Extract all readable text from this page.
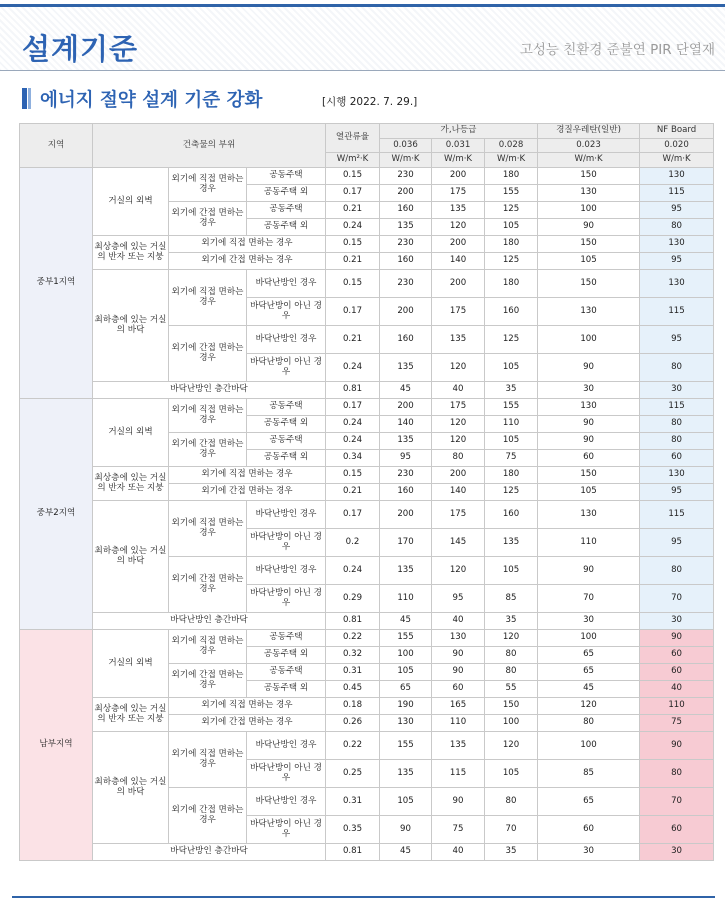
설계기준	고성능 친환경 준불연 PIR 단열재
에너지 절약 설계 기준 강화	[시행 2022. 7. 29.]
지역	건축물의 부위			열관류율	가,나등급			경질우레탄(일반)	NF Board
					0.036	0.031	0.028	0.023	0.020
				W/m²·K	W/m·K	W/m·K	W/m·K	W/m·K	W/m·K
중부1지역	거실의 외벽	외기에 직접 면하는 경우	공동주택	0.15	230	200	180	150	130
			공동주택 외	0.17	200	175	155	130	115
		외기에 간접 면하는 경우	공동주택	0.21	160	135	125	100	95
			공동주택 외	0.24	135	120	105	90	80
	최상층에 있는 거실의 반자 또는 지붕	외기에 직접 면하는 경우		0.15	230	200	180	150	130
		외기에 간접 면하는 경우		0.21	160	140	125	105	95
	최하층에 있는 거실의 바닥	외기에 직접 면하는 경우	바닥난방인 경우	0.15	230	200	180	150	130
			바닥난방이 아닌 경우	0.17	200	175	160	130	115
		외기에 간접 면하는 경우	바닥난방인 경우	0.21	160	135	125	100	95
			바닥난방이 아닌 경우	0.24	135	120	105	90	80
	바닥난방인 층간바닥			0.81	45	40	35	30	30
중부2지역	거실의 외벽	외기에 직접 면하는 경우	공동주택	0.17	200	175	155	130	115
			공동주택 외	0.24	140	120	110	90	80
		외기에 간접 면하는 경우	공동주택	0.24	135	120	105	90	80
			공동주택 외	0.34	95	80	75	60	60
	최상층에 있는 거실의 반자 또는 지붕	외기에 직접 면하는 경우		0.15	230	200	180	150	130
		외기에 간접 면하는 경우		0.21	160	140	125	105	95
	최하층에 있는 거실의 바닥	외기에 직접 면하는 경우	바닥난방인 경우	0.17	200	175	160	130	115
			바닥난방이 아닌 경우	0.2	170	145	135	110	95
		외기에 간접 면하는 경우	바닥난방인 경우	0.24	135	120	105	90	80
			바닥난방이 아닌 경우	0.29	110	95	85	70	70
	바닥난방인 층간바닥			0.81	45	40	35	30	30
남부지역	거실의 외벽	외기에 직접 면하는 경우	공동주택	0.22	155	130	120	100	90
			공동주택 외	0.32	100	90	80	65	60
		외기에 간접 면하는 경우	공동주택	0.31	105	90	80	65	60
			공동주택 외	0.45	65	60	55	45	40
	최상층에 있는 거실의 반자 또는 지붕	외기에 직접 면하는 경우		0.18	190	165	150	120	110
		외기에 간접 면하는 경우		0.26	130	110	100	80	75
	최하층에 있는 거실의 바닥	외기에 직접 면하는 경우	바닥난방인 경우	0.22	155	135	120	100	90
			바닥난방이 아닌 경우	0.25	135	115	105	85	80
		외기에 간접 면하는 경우	바닥난방인 경우	0.31	105	90	80	65	70
			바닥난방이 아닌 경우	0.35	90	75	70	60	60
	바닥난방인 층간바닥			0.81	45	40	35	30	30
